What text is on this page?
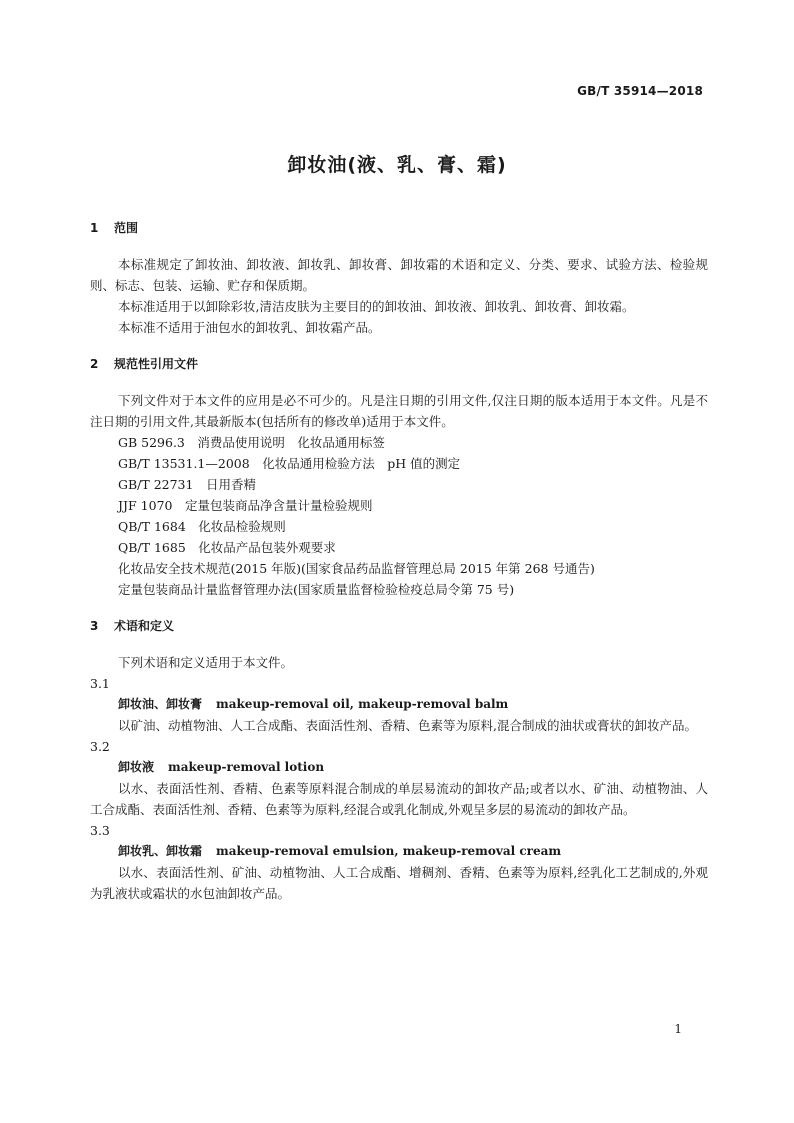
GB/T 35914—2018
卸妆油(液、乳、膏、霜)
1 范围

本标准规定了卸妆油、卸妆液、卸妆乳、卸妆膏、卸妆霜的术语和定义、分类、要求、试验方法、检验规则、标志、包装、运输、贮存和保质期。

本标准适用于以卸除彩妆,清洁皮肤为主要目的的卸妆油、卸妆液、卸妆乳、卸妆膏、卸妆霜。

本标准不适用于油包水的卸妆乳、卸妆霜产品。

2 规范性引用文件

下列文件对于本文件的应用是必不可少的。凡是注日期的引用文件,仅注日期的版本适用于本文件。凡是不注日期的引用文件,其最新版本(包括所有的修改单)适用于本文件。

GB 5296.3　消费品使用说明　化妆品通用标签

GB/T 13531.1—2008　化妆品通用检验方法　pH 值的测定

GB/T 22731　日用香精

JJF 1070　定量包装商品净含量计量检验规则

QB/T 1684　化妆品检验规则

QB/T 1685　化妆品产品包装外观要求

化妆品安全技术规范(2015 年版)(国家食品药品监督管理总局 2015 年第 268 号通告)

定量包装商品计量监督管理办法(国家质量监督检验检疫总局令第 75 号)

3 术语和定义

下列术语和定义适用于本文件。

3.1

卸妆油、卸妆膏 makeup-removal oil, makeup-removal balm

以矿油、动植物油、人工合成酯、表面活性剂、香精、色素等为原料,混合制成的油状或膏状的卸妆产品。

3.2

卸妆液 makeup-removal lotion

以水、表面活性剂、香精、色素等原料混合制成的单层易流动的卸妆产品;或者以水、矿油、动植物油、人工合成酯、表面活性剂、香精、色素等为原料,经混合或乳化制成,外观呈多层的易流动的卸妆产品。

3.3

卸妆乳、卸妆霜 makeup-removal emulsion, makeup-removal cream

以水、表面活性剂、矿油、动植物油、人工合成酯、增稠剂、香精、色素等为原料,经乳化工艺制成的,外观为乳液状或霜状的水包油卸妆产品。

1
